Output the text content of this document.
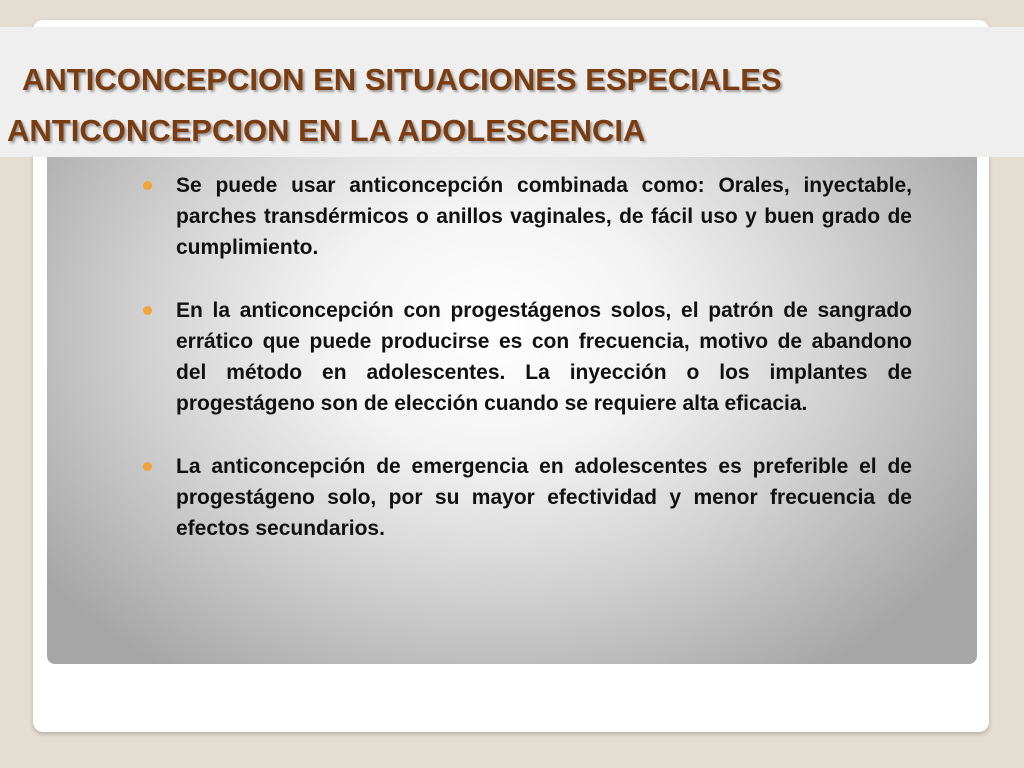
ANTICONCEPCION EN SITUACIONES ESPECIALES
ANTICONCEPCION EN LA ADOLESCENCIA
Se puede usar anticoncepción combinada como: Orales, inyectable, parches transdérmicos o anillos vaginales, de fácil uso y buen grado de cumplimiento.
En la anticoncepción con progestágenos solos, el patrón de sangrado errático que puede producirse es con frecuencia, motivo de abandono del método en adolescentes. La inyección o los implantes de progestágeno son de elección cuando se requiere alta eficacia.
La anticoncepción de emergencia en adolescentes es preferible el de progestágeno solo, por su mayor efectividad y menor frecuencia de efectos secundarios.
